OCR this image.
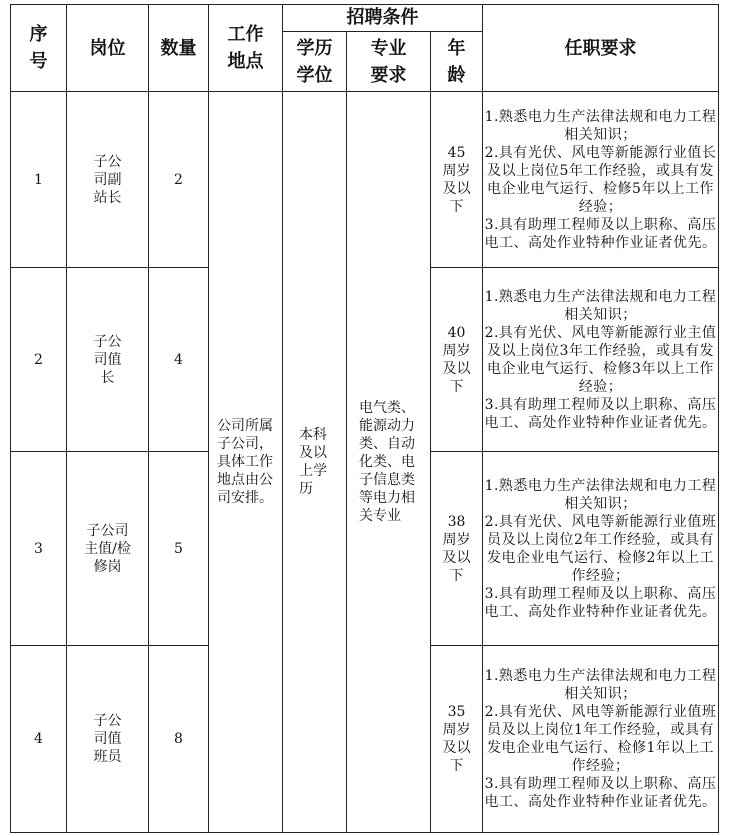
序号	岗位	数量	工作地点	招聘条件			任职要求
				学历学位	专业要求	年龄	
1	子公司副站长	2	公司所属子公司，具体工作地点由公司安排。	本科及以上学历	电气类、能源动力类、自动化类、电子信息类等电力相关专业	45周岁及以下	1.熟悉电力生产法律法规和电力工程相关知识；
2.具有光伏、风电等新能源行业值长及以上岗位5年工作经验，或具有发电企业电气运行、检修5年以上工作经验；
3.具有助理工程师及以上职称、高压电工、高处作业特种作业证者优先。

2	子公司值长	4				40周岁及以下	1.熟悉电力生产法律法规和电力工程相关知识；
2.具有光伏、风电等新能源行业主值及以上岗位3年工作经验，或具有发电企业电气运行、检修3年以上工作经验；
3.具有助理工程师及以上职称、高压电工、高处作业特种作业证者优先。

3	子公司主值/检修岗	5				38周岁及以下	1.熟悉电力生产法律法规和电力工程相关知识；
2.具有光伏、风电等新能源行业值班员及以上岗位2年工作经验，或具有发电企业电气运行、检修2年以上工作经验；
3.具有助理工程师及以上职称、高压电工、高处作业特种作业证者优先。

4	子公司值班员	8				35周岁及以下	1.熟悉电力生产法律法规和电力工程相关知识；
2.具有光伏、风电等新能源行业值班员及以上岗位1年工作经验，或具有发电企业电气运行、检修1年以上工作经验；
3.具有助理工程师及以上职称、高压电工、高处作业特种作业证者优先。
